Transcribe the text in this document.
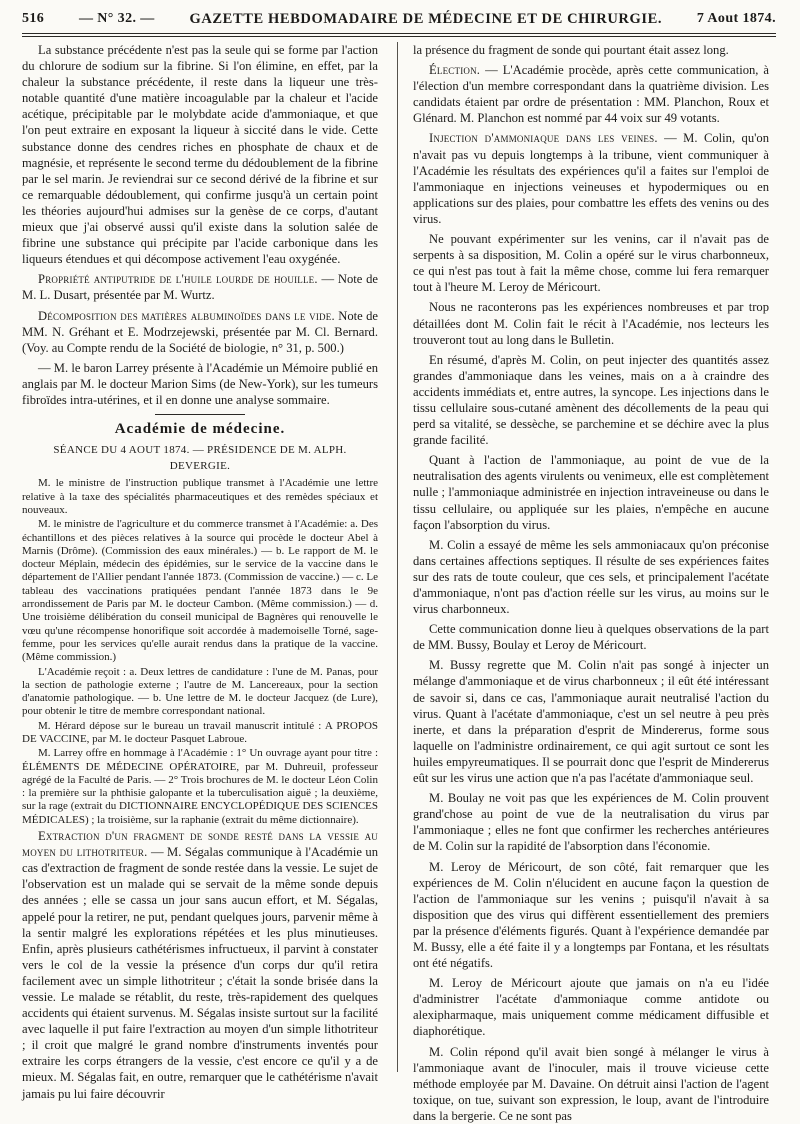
516 — N° 32. — GAZETTE HEBDOMADAIRE DE MÉDECINE ET DE CHIRURGIE. 7 Aout 1874.

La substance précédente n'est pas la seule qui se forme par l'action du chlorure de sodium sur la fibrine. Si l'on élimine, en effet, par la chaleur la substance précédente, il reste dans la liqueur une très-notable quantité d'une matière incoagulable par la chaleur et l'acide acétique, précipitable par le molybdate acide d'ammoniaque, et que l'on peut extraire en exposant la liqueur à siccité dans le vide. Cette substance donne des cendres riches en phosphate de chaux et de magnésie, et représente le second terme du dédoublement de la fibrine par le sel marin. Je reviendrai sur ce second dérivé de la fibrine et sur ce remarquable dédoublement, qui confirme jusqu'à un certain point les théories aujourd'hui admises sur la genèse de ce corps, d'autant mieux que j'ai observé aussi qu'il existe dans la solution salée de fibrine une substance qui précipite par l'acide carbonique dans les liqueurs étendues et qui décompose activement l'eau oxygénée.

Propriété antiputride de l'huile lourde de houille. — Note de M. L. Dusart, présentée par M. Wurtz.

Décomposition des matières albuminoïdes dans le vide. Note de MM. N. Gréhant et E. Modrzejewski, présentée par M. Cl. Bernard. (Voy. au Compte rendu de la Société de biologie, n° 31, p. 500.)

— M. le baron Larrey présente à l'Académie un Mémoire publié en anglais par M. le docteur Marion Sims (de New-York), sur les tumeurs fibroïdes intra-utérines, et il en donne une analyse sommaire.

Académie de médecine.
SÉANCE DU 4 AOUT 1874. — PRÉSIDENCE DE M. ALPH. DEVERGIE.

M. le ministre de l'instruction publique transmet à l'Académie une lettre relative à la taxe des spécialités pharmaceutiques et des remèdes spéciaux et nouveaux.

M. le ministre de l'agriculture et du commerce transmet à l'Académie: a. Des échantillons et des pièces relatives à la source qui procède le docteur Abel à Marnis (Drôme). (Commission des eaux minérales.) — b. Le rapport de M. le docteur Méplain, médecin des épidémies, sur le service de la vaccine dans le département de l'Allier pendant l'année 1873. (Commission de vaccine.) — c. Le tableau des vaccinations pratiquées pendant l'année 1873 dans le 9e arrondissement de Paris par M. le docteur Cambon. (Même commission.) — d. Une troisième délibération du conseil municipal de Bagnères qui renouvelle le vœu qu'une récompense honorifique soit accordée à mademoiselle Torné, sage-femme, pour les services qu'elle aurait rendus dans la pratique de la vaccine. (Même commission.)

L'Académie reçoit : a. Deux lettres de candidature : l'une de M. Panas, pour la section de pathologie externe ; l'autre de M. Lancereaux, pour la section d'anatomie pathologique. — b. Une lettre de M. le docteur Jacquez (de Lure), pour obtenir le titre de membre correspondant national.

M. Hérard dépose sur le bureau un travail manuscrit intitulé : A PROPOS DE VACCINE, par M. le docteur Pasquet Labroue.

M. Larrey offre en hommage à l'Académie : 1° Un ouvrage ayant pour titre : ÉLÉMENTS DE MÉDECINE OPÉRATOIRE, par M. Duhreuil, professeur agrégé de la Faculté de Paris. — 2° Trois brochures de M. le docteur Léon Colin : la première sur la phthisie galopante et la tuberculisation aiguë ; la deuxième, sur la rage (extrait du DICTIONNAIRE ENCYCLOPÉDIQUE DES SCIENCES MÉDICALES) ; la troisième, sur la raphanie (extrait du même dictionnaire).

Extraction d'un fragment de sonde resté dans la vessie au moyen du lithotriteur. — M. Ségalas communique à l'Académie un cas d'extraction de fragment de sonde restée dans la vessie. Le sujet de l'observation est un malade qui se servait de la même sonde depuis des années ; elle se cassa un jour sans aucun effort, et M. Ségalas, appelé pour la retirer, ne put, pendant quelques jours, parvenir même à la sentir malgré les explorations répétées et les plus minutieuses. Enfin, après plusieurs cathétérismes infructueux, il parvint à constater vers le col de la vessie la présence d'un corps dur qu'il retira facilement avec un simple lithotriteur ; c'était la sonde brisée dans la vessie. Le malade se rétablit, du reste, très-rapidement des quelques accidents qui étaient survenus. M. Ségalas insiste surtout sur la facilité avec laquelle il put faire l'extraction au moyen d'un simple lithotriteur ; il croit que malgré le grand nombre d'instruments inventés pour extraire les corps étrangers de la vessie, c'est encore ce qu'il y a de mieux. M. Ségalas fait, en outre, remarquer que le cathétérisme n'avait jamais pu lui faire découvrir

la présence du fragment de sonde qui pourtant était assez long.

Élection. — L'Académie procède, après cette communication, à l'élection d'un membre correspondant dans la quatrième division. Les candidats étaient par ordre de présentation : MM. Planchon, Roux et Glénard. M. Planchon est nommé par 44 voix sur 49 votants.

Injection d'ammoniaque dans les veines. — M. Colin, qu'on n'avait pas vu depuis longtemps à la tribune, vient communiquer à l'Académie les résultats des expériences qu'il a faites sur l'emploi de l'ammoniaque en injections veineuses et hypodermiques ou en applications sur des plaies, pour combattre les effets des venins ou des virus.

Ne pouvant expérimenter sur les venins, car il n'avait pas de serpents à sa disposition, M. Colin a opéré sur le virus charbonneux, ce qui n'est pas tout à fait la même chose, comme lui fera remarquer tout à l'heure M. Leroy de Méricourt.

Nous ne raconterons pas les expériences nombreuses et par trop détaillées dont M. Colin fait le récit à l'Académie, nos lecteurs les trouveront tout au long dans le Bulletin.

En résumé, d'après M. Colin, on peut injecter des quantités assez grandes d'ammoniaque dans les veines, mais on a à craindre des accidents immédiats et, entre autres, la syncope. Les injections dans le tissu cellulaire sous-cutané amènent des décollements de la peau qui perd sa vitalité, se dessèche, se parchemine et se déchire avec la plus grande facilité.

Quant à l'action de l'ammoniaque, au point de vue de la neutralisation des agents virulents ou venimeux, elle est complètement nulle ; l'ammoniaque administrée en injection intraveineuse ou dans le tissu cellulaire, ou appliquée sur les plaies, n'empêche en aucune façon l'absorption du virus.

M. Colin a essayé de même les sels ammoniacaux qu'on préconise dans certaines affections septiques. Il résulte de ses expériences faites sur des rats de toute couleur, que ces sels, et principalement l'acétate d'ammoniaque, n'ont pas d'action réelle sur les virus, au moins sur le virus charbonneux.

Cette communication donne lieu à quelques observations de la part de MM. Bussy, Boulay et Leroy de Méricourt.

M. Bussy regrette que M. Colin n'ait pas songé à injecter un mélange d'ammoniaque et de virus charbonneux ; il eût été intéressant de savoir si, dans ce cas, l'ammoniaque aurait neutralisé l'action du virus. Quant à l'acétate d'ammoniaque, c'est un sel neutre à peu près inerte, et dans la préparation d'esprit de Mindererus, forme sous laquelle on l'administre ordinairement, ce qui agit surtout ce sont les huiles empyreumatiques. Il se pourrait donc que l'esprit de Mindererus eût sur les virus une action que n'a pas l'acétate d'ammoniaque seul.

M. Boulay ne voit pas que les expériences de M. Colin prouvent grand'chose au point de vue de la neutralisation du virus par l'ammoniaque ; elles ne font que confirmer les recherches antérieures de M. Colin sur la rapidité de l'absorption dans l'économie.

M. Leroy de Méricourt, de son côté, fait remarquer que les expériences de M. Colin n'élucident en aucune façon la question de l'action de l'ammoniaque sur les venins ; puisqu'il n'avait à sa disposition que des virus qui diffèrent essentiellement des premiers par la présence d'éléments figurés. Quant à l'expérience demandée par M. Bussy, elle a été faite il y a longtemps par Fontana, et les résultats ont été négatifs.

M. Leroy de Méricourt ajoute que jamais on n'a eu l'idée d'administrer l'acétate d'ammoniaque comme antidote ou alexipharmaque, mais uniquement comme médicament diffusible et diaphorétique.

M. Colin répond qu'il avait bien songé à mélanger le virus à l'ammoniaque avant de l'inoculer, mais il trouve vicieuse cette méthode employée par M. Davaine. On détruit ainsi l'action de l'agent toxique, on tue, suivant son expression, le loup, avant de l'introduire dans la bergerie. Ce ne sont pas
